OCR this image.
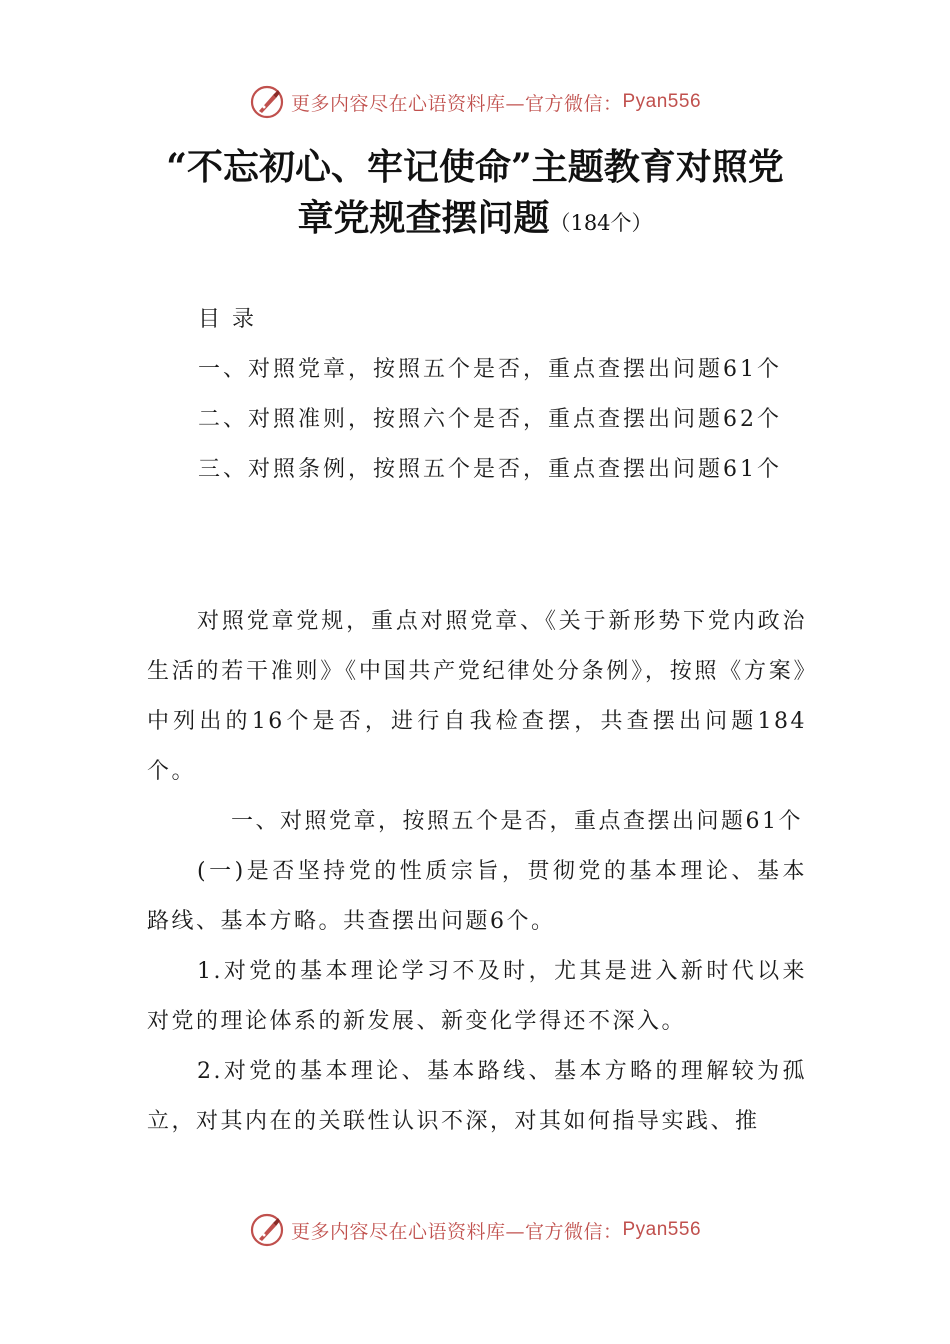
更多内容尽在心语资料库—官方微信： Pyan556
“不忘初心、牢记使命”主题教育对照党
章党规查摆问题（184个）
目录
一、对照党章，按照五个是否，重点查摆出问题61个
二、对照准则，按照六个是否，重点查摆出问题62个
三、对照条例，按照五个是否，重点查摆出问题61个

对照党章党规，重点对照党章、《关于新形势下党内政治生活的若干准则》《中国共产党纪律处分条例》，按照《方案》中列出的16个是否，进行自我检查摆，共查摆出问题184个。

一、对照党章，按照五个是否，重点查摆出问题61个

(一)是否坚持党的性质宗旨，贯彻党的基本理论、基本路线、基本方略。共查摆出问题6个。

1.对党的基本理论学习不及时，尤其是进入新时代以来对党的理论体系的新发展、新变化学得还不深入。

2.对党的基本理论、基本路线、基本方略的理解较为孤立，对其内在的关联性认识不深，对其如何指导实践、推

更多内容尽在心语资料库—官方微信： Pyan556
